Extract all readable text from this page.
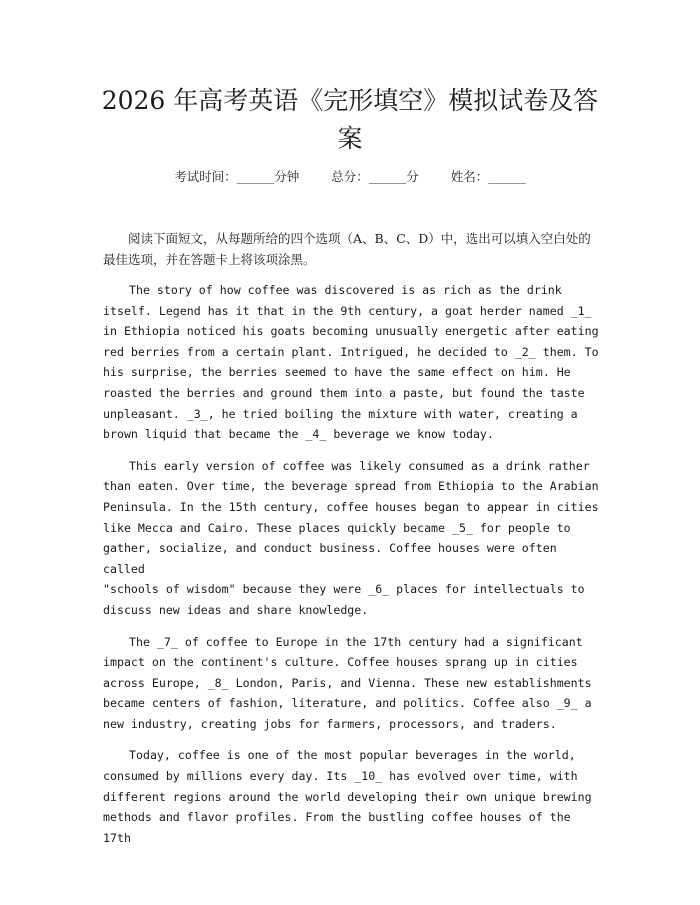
2026 年高考英语《完形填空》模拟试卷及答
案
考试时间：______分钟	总分：______分	姓名：______

阅读下面短文，从每题所给的四个选项（A、B、C、D）中，选出可以填入空白处的最佳选项，并在答题卡上将该项涂黑。

The story of how coffee was discovered is as rich as the drink
itself. Legend has it that in the 9th century, a goat herder named _1_
in Ethiopia noticed his goats becoming unusually energetic after eating
red berries from a certain plant. Intrigued, he decided to _2_ them. To
his surprise, the berries seemed to have the same effect on him. He
roasted the berries and ground them into a paste, but found the taste
unpleasant. _3_, he tried boiling the mixture with water, creating a
brown liquid that became the _4_ beverage we know today.

This early version of coffee was likely consumed as a drink rather
than eaten. Over time, the beverage spread from Ethiopia to the Arabian
Peninsula. In the 15th century, coffee houses began to appear in cities
like Mecca and Cairo. These places quickly became _5_ for people to
gather, socialize, and conduct business. Coffee houses were often called
"schools of wisdom" because they were _6_ places for intellectuals to
discuss new ideas and share knowledge.

The _7_ of coffee to Europe in the 17th century had a significant
impact on the continent's culture. Coffee houses sprang up in cities
across Europe, _8_ London, Paris, and Vienna. These new establishments
became centers of fashion, literature, and politics. Coffee also _9_ a
new industry, creating jobs for farmers, processors, and traders.

Today, coffee is one of the most popular beverages in the world,
consumed by millions every day. Its _10_ has evolved over time, with
different regions around the world developing their own unique brewing
methods and flavor profiles. From the bustling coffee houses of the 17th
